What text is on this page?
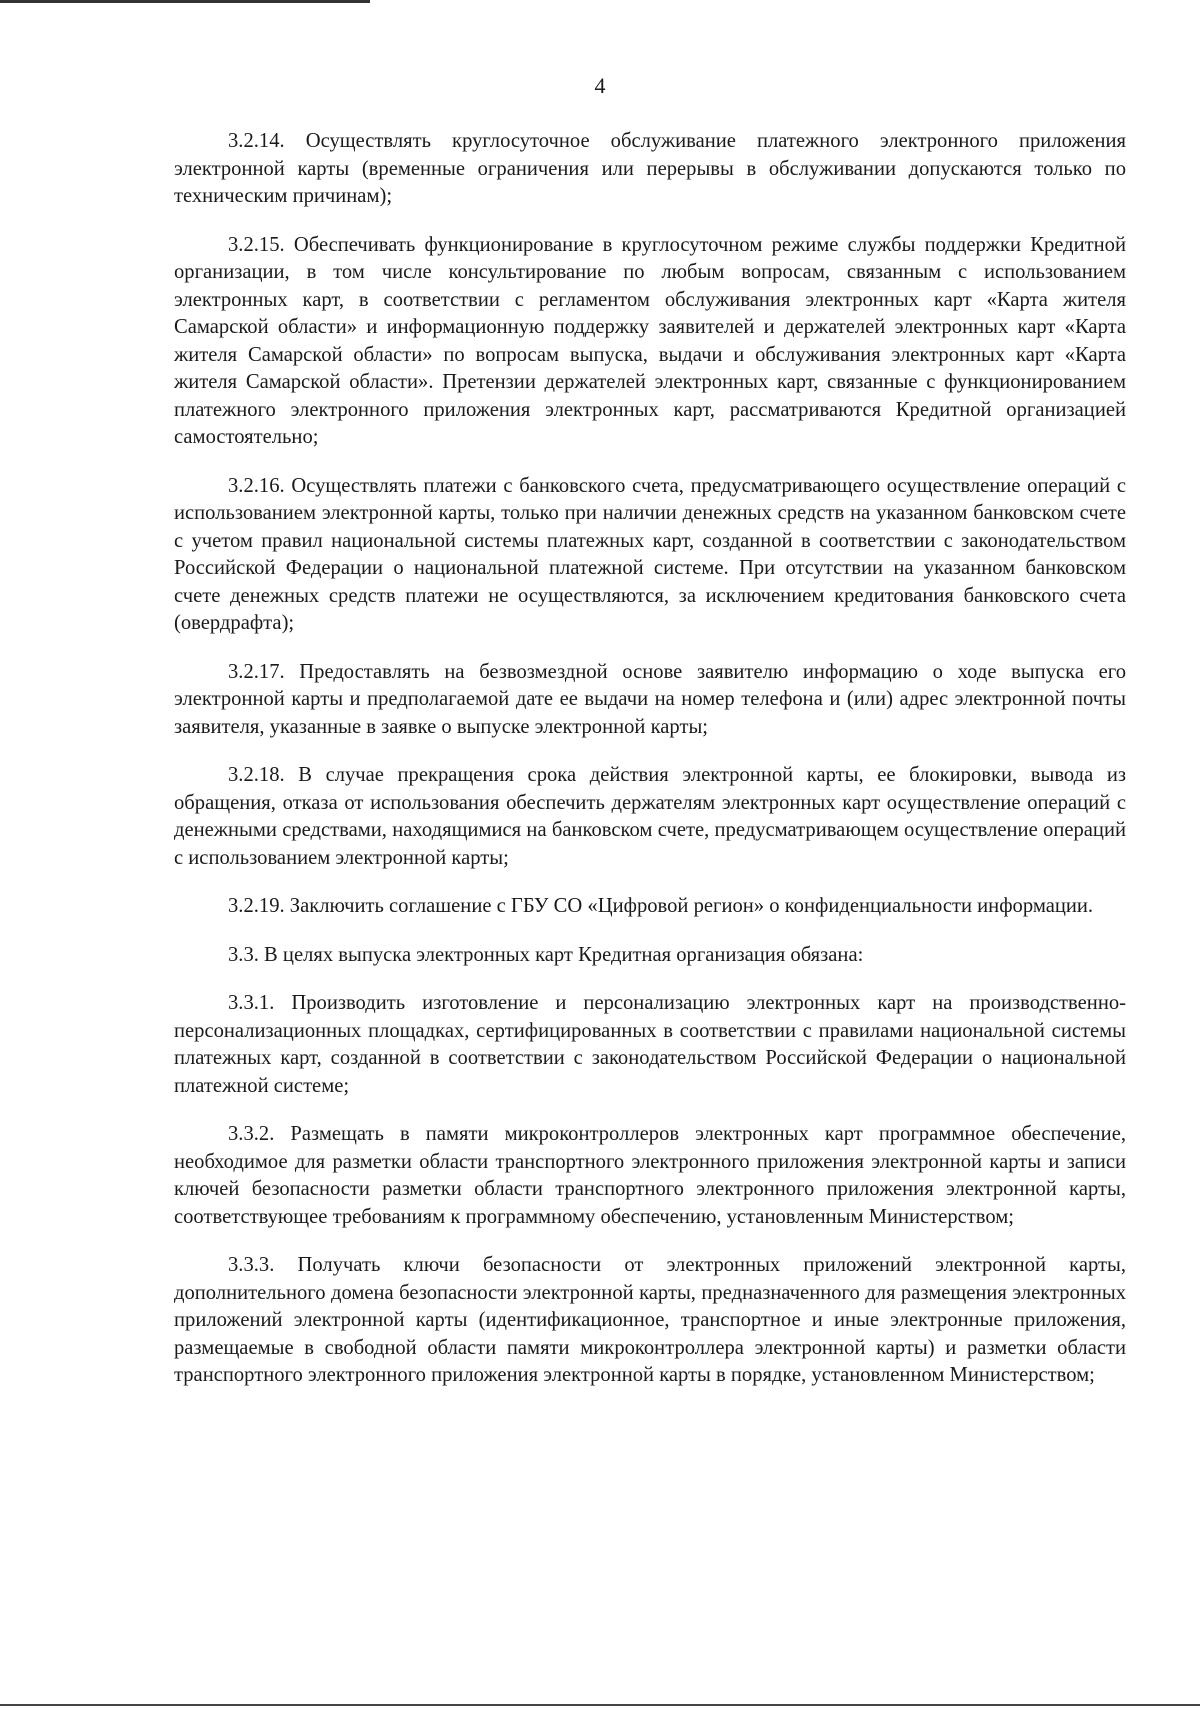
4

3.2.14. Осуществлять круглосуточное обслуживание платежного электронного приложения электронной карты (временные ограничения или перерывы в обслуживании допускаются только по техническим причинам);

3.2.15. Обеспечивать функционирование в круглосуточном режиме службы поддержки Кредитной организации, в том числе консультирование по любым вопросам, связанным с использованием электронных карт, в соответствии с регламентом обслуживания электронных карт «Карта жителя Самарской области» и информационную поддержку заявителей и держателей электронных карт «Карта жителя Самарской области» по вопросам выпуска, выдачи и обслуживания электронных карт «Карта жителя Самарской области». Претензии держателей электронных карт, связанные с функционированием платежного электронного приложения электронных карт, рассматриваются Кредитной организацией самостоятельно;

3.2.16. Осуществлять платежи с банковского счета, предусматривающего осуществление операций с использованием электронной карты, только при наличии денежных средств на указанном банковском счете с учетом правил национальной системы платежных карт, созданной в соответствии с законодательством Российской Федерации о национальной платежной системе. При отсутствии на указанном банковском счете денежных средств платежи не осуществляются, за исключением кредитования банковского счета (овердрафта);

3.2.17. Предоставлять на безвозмездной основе заявителю информацию о ходе выпуска его электронной карты и предполагаемой дате ее выдачи на номер телефона и (или) адрес электронной почты заявителя, указанные в заявке о выпуске электронной карты;

3.2.18. В случае прекращения срока действия электронной карты, ее блокировки, вывода из обращения, отказа от использования обеспечить держателям электронных карт осуществление операций с денежными средствами, находящимися на банковском счете, предусматривающем осуществление операций с использованием электронной карты;

3.2.19. Заключить соглашение с ГБУ СО «Цифровой регион» о конфиденциальности информации.

3.3. В целях выпуска электронных карт Кредитная организация обязана:

3.3.1. Производить изготовление и персонализацию электронных карт на производственно-персонализационных площадках, сертифицированных в соответствии с правилами национальной системы платежных карт, созданной в соответствии с законодательством Российской Федерации о национальной платежной системе;

3.3.2. Размещать в памяти микроконтроллеров электронных карт программное обеспечение, необходимое для разметки области транспортного электронного приложения электронной карты и записи ключей безопасности разметки области транспортного электронного приложения электронной карты, соответствующее требованиям к программному обеспечению, установленным Министерством;

3.3.3. Получать ключи безопасности от электронных приложений электронной карты, дополнительного домена безопасности электронной карты, предназначенного для размещения электронных приложений электронной карты (идентификационное, транспортное и иные электронные приложения, размещаемые в свободной области памяти микроконтроллера электронной карты) и разметки области транспортного электронного приложения электронной карты в порядке, установленном Министерством;
